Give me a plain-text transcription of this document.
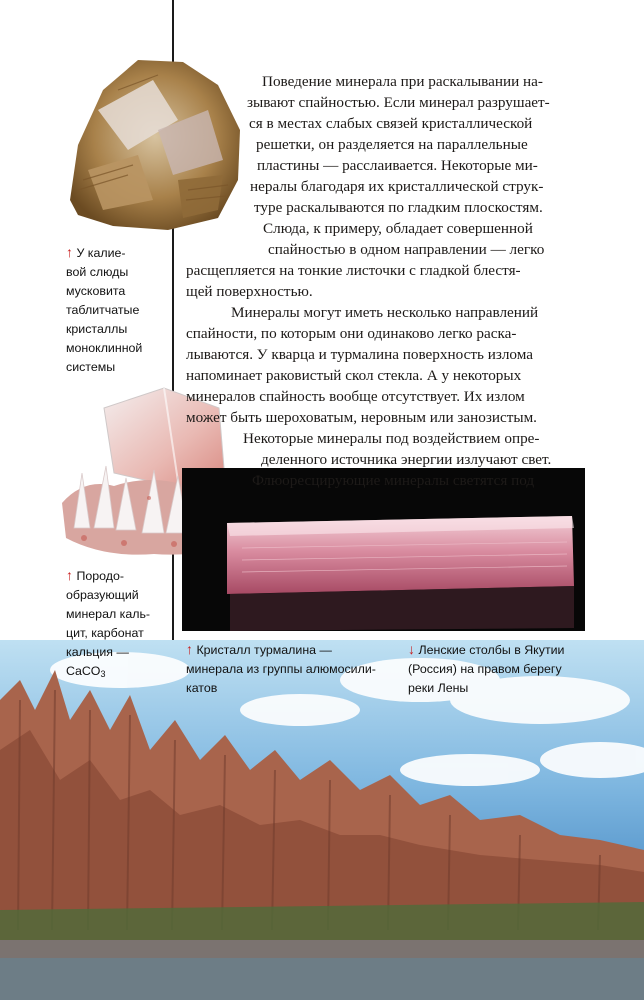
Поведение минерала при раскалывании на-
зывают спайностью. Если минерал разрушает-
ся в местах слабых связей кристаллической
решетки, он разделяется на параллельные
пластины — расслаивается. Некоторые ми-
нералы благодаря их кристаллической струк-
туре раскалываются по гладким плоскостям.
Слюда, к примеру, обладает совершенной
спайностью в одном направлении — легко
расщепляется на тонкие листочки с гладкой блестя-
щей поверхностью.
Минералы могут иметь несколько направлений
спайности, по которым они одинаково легко раска-
лываются. У кварца и турмалина поверхность излома
напоминает раковистый скол стекла. А у некоторых
минералов спайность вообще отсутствует. Их излом
может быть шероховатым, неровным или занозистым.
Некоторые минералы под воздействием опре-
деленного источника энергии излучают свет.
Флюоресцирующие минералы светятся под
↑ У калие-
вой слюды
мусковита
таблитчатые
кристаллы
моноклинной
системы
↑ Породо-
образующий
минерал каль-
цит, карбонат
кальция —
CaCO$_3$
↑ Кристалл турмалина —
минерала из группы алюмосили-
катов
↓ Ленские столбы в Якутии
(Россия) на правом берегу
реки Лены
